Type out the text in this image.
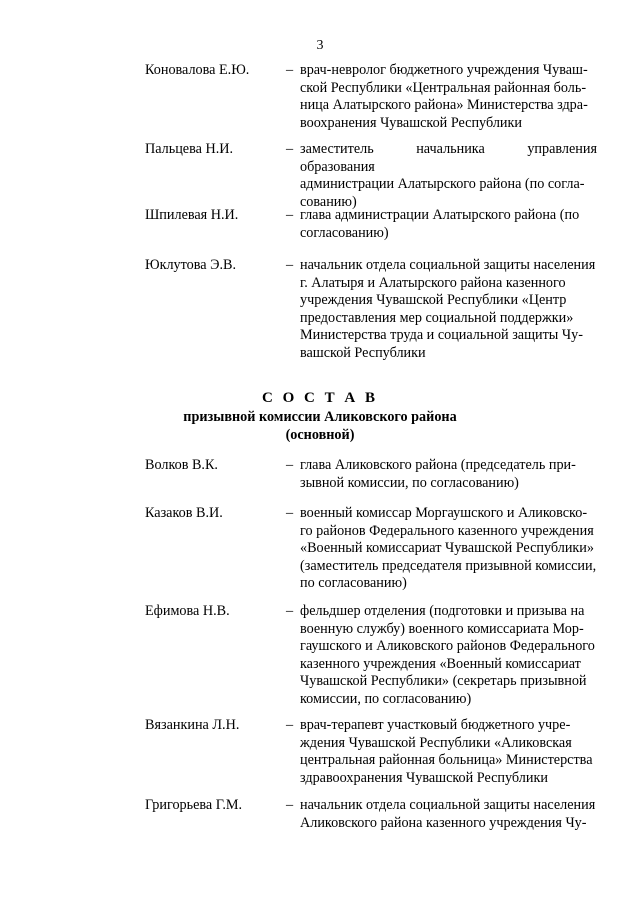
3
Коновалова Е.Ю.	– врач-невролог бюджетного учреждения Чуваш-
ской Республики «Центральная районная боль-
ница Алатырского района» Министерства здра-
воохранения Чувашской Республики
Пальцева Н.И.	– заместитель начальника управления образования
администрации Алатырского района (по согла-
сованию)
Шпилевая Н.И.	– глава администрации Алатырского района (по
согласованию)
Юклутова Э.В.	– начальник отдела социальной защиты населения
г. Алатыря и Алатырского района казенного
учреждения Чувашской Республики «Центр
предоставления мер социальной поддержки»
Министерства труда и социальной защиты Чу-
вашской Республики
С О С Т А В
призывной комиссии Аликовского района
(основной)
Волков В.К.	– глава Аликовского района (председатель при-
зывной комиссии, по согласованию)
Казаков В.И.	– военный комиссар Моргаушского и Аликовско-
го районов Федерального казенного учреждения
«Военный комиссариат Чувашской Республики»
(заместитель председателя призывной комиссии,
по согласованию)
Ефимова Н.В.	– фельдшер отделения (подготовки и призыва на
военную службу) военного комиссариата Мор-
гаушского и Аликовского районов Федерального
казенного учреждения «Военный комиссариат
Чувашской Республики» (секретарь призывной
комиссии, по согласованию)
Вязанкина Л.Н.	– врач-терапевт участковый бюджетного учре-
ждения Чувашской Республики «Аликовская
центральная районная больница» Министерства
здравоохранения Чувашской Республики
Григорьева Г.М.	– начальник отдела социальной защиты населения
Аликовского района казенного учреждения Чу-
